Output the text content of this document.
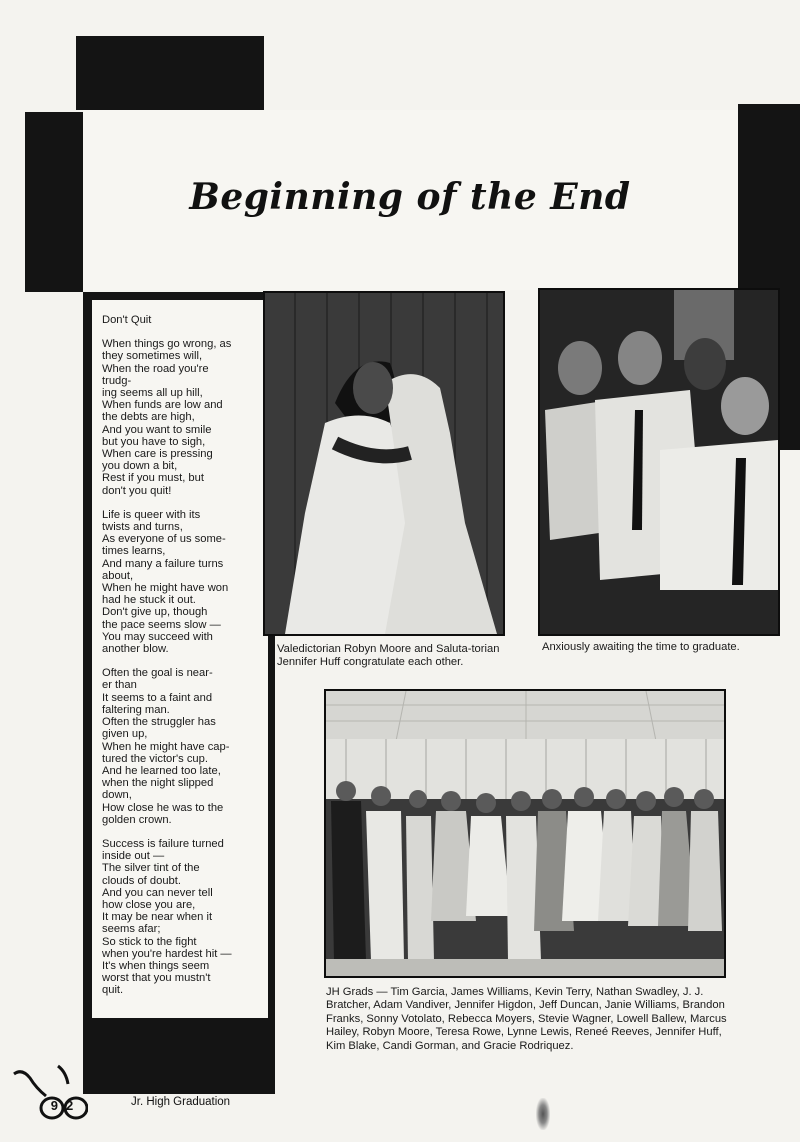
Beginning of the End
Don't Quit
When things go wrong, as
they sometimes will,
When the road you're
trudg-
ing seems all up hill,
When funds are low and
the debts are high,
And you want to smile
but you have to sigh,
When care is pressing
you down a bit,
Rest if you must, but
don't you quit!
Life is queer with its
twists and turns,
As everyone of us some-
times learns,
And many a failure turns
about,
When he might have won
had he stuck it out.
Don't give up, though
the pace seems slow —
You may succeed with
another blow.
Often the goal is near-
er than
It seems to a faint and
faltering man.
Often the struggler has
given up,
When he might have cap-
tured the victor's cup.
And he learned too late,
when the night slipped
down,
How close he was to the
golden crown.
Success is failure turned
inside out —
The silver tint of the
clouds of doubt.
And you can never tell
how close you are,
It may be near when it
seems afar;
So stick to the fight
when you're hardest hit —
It's when things seem
worst that you mustn't
quit.
Valedictorian Robyn Moore and Saluta-torian Jennifer Huff congratulate each other.
Anxiously awaiting the time to graduate.
JH Grads — Tim Garcia, James Williams, Kevin Terry, Nathan Swadley, J. J. Bratcher, Adam Vandiver, Jennifer Higdon, Jeff Duncan, Janie Williams, Brandon Franks, Sonny Votolato, Rebecca Moyers, Stevie Wagner, Lowell Ballew, Marcus Hailey, Robyn Moore, Teresa Rowe, Lynne Lewis, Reneé Reeves, Jennifer Huff, Kim Blake, Candi Gorman, and Gracie Rodriquez.
92	Jr. High Graduation
